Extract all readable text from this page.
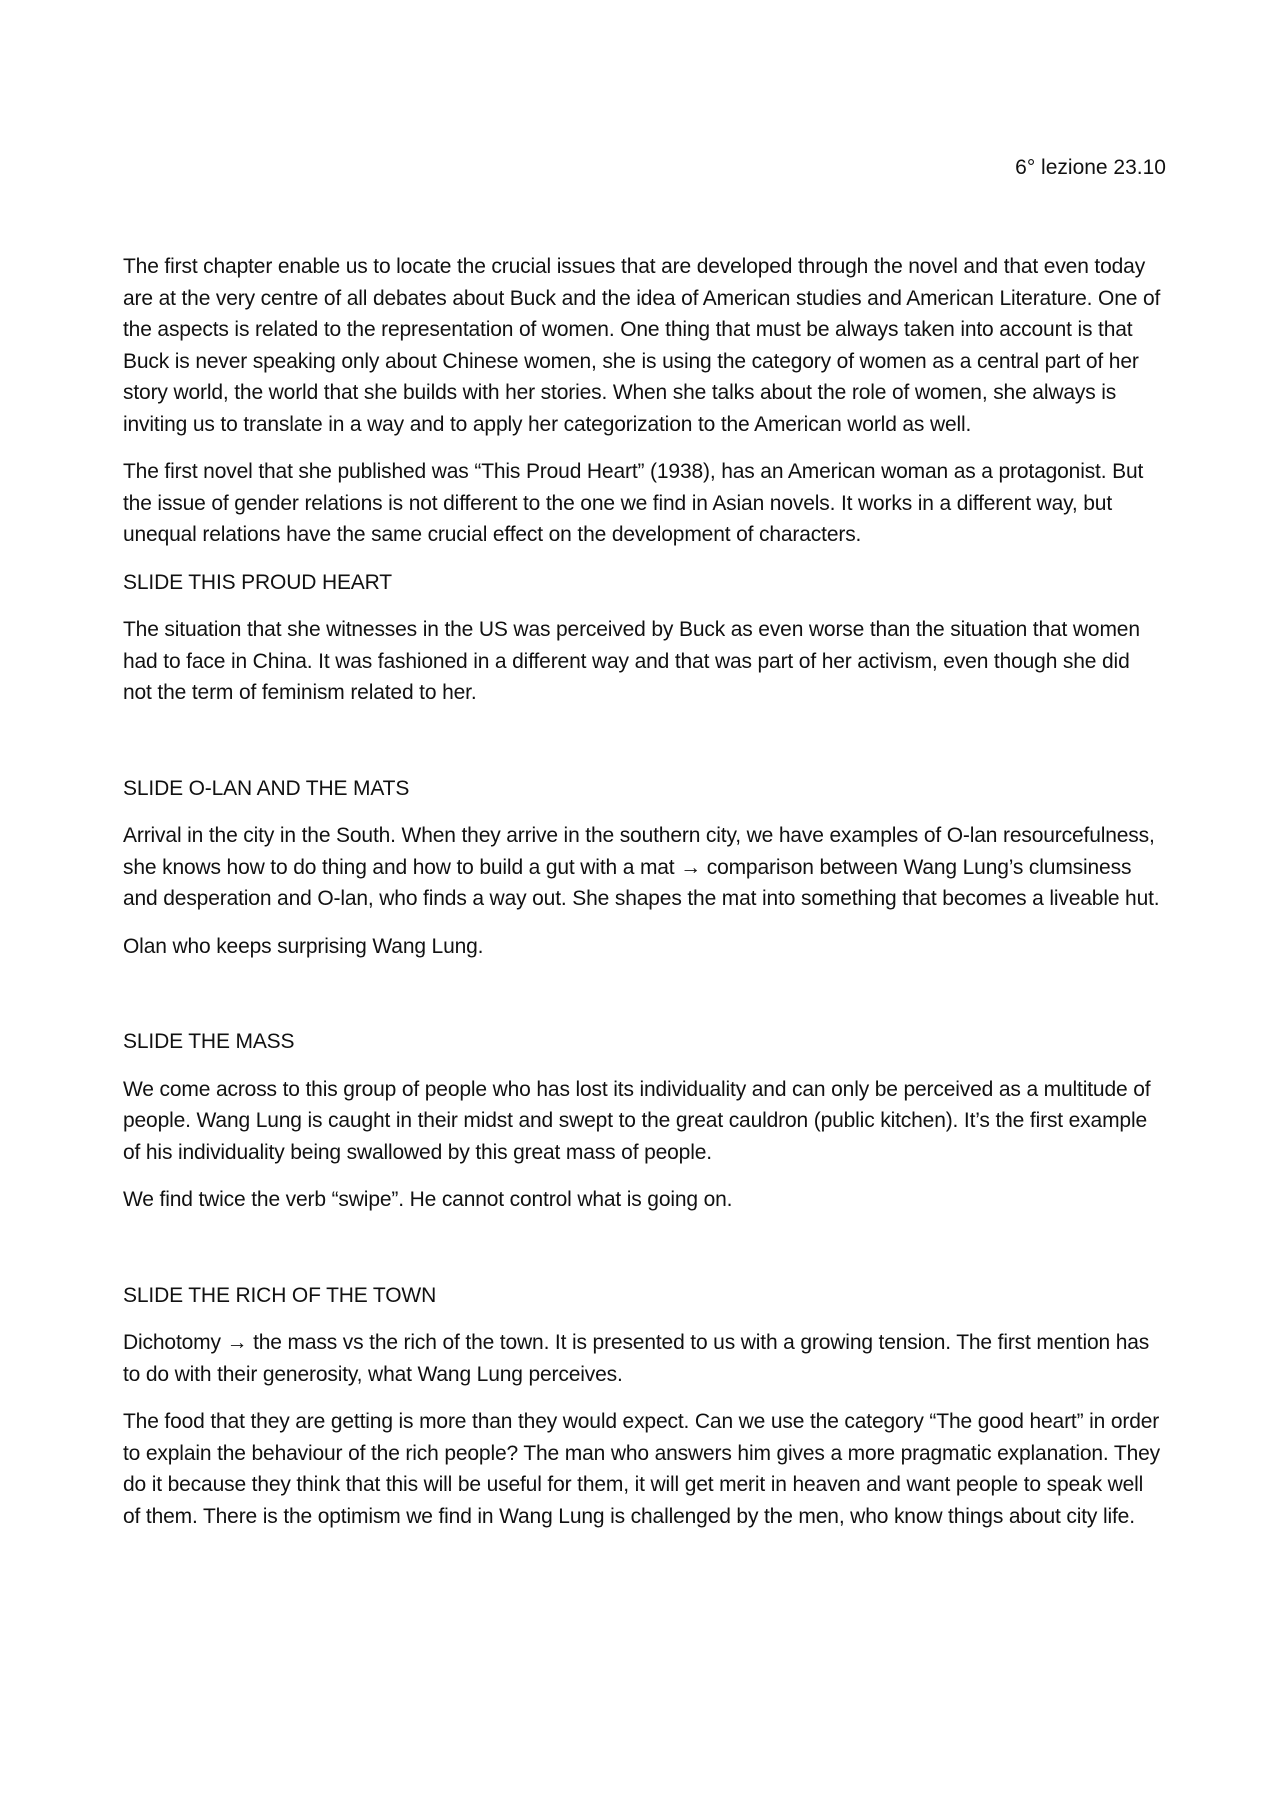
6° lezione 23.10

The first chapter enable us to locate the crucial issues that are developed through the novel and that even today are at the very centre of all debates about Buck and the idea of American studies and American Literature. One of the aspects is related to the representation of women. One thing that must be always taken into account is that Buck is never speaking only about Chinese women, she is using the category of women as a central part of her story world, the world that she builds with her stories. When she talks about the role of women, she always is inviting us to translate in a way and to apply her categorization to the American world as well.

The first novel that she published was “This Proud Heart” (1938), has an American woman as a protagonist. But the issue of gender relations is not different to the one we find in Asian novels. It works in a different way, but unequal relations have the same crucial effect on the development of characters.

SLIDE THIS PROUD HEART

The situation that she witnesses in the US was perceived by Buck as even worse than the situation that women had to face in China. It was fashioned in a different way and that was part of her activism, even though she did not the term of feminism related to her.

SLIDE O-LAN AND THE MATS

Arrival in the city in the South. When they arrive in the southern city, we have examples of O-lan resourcefulness, she knows how to do thing and how to build a gut with a mat → comparison between Wang Lung’s clumsiness and desperation and O-lan, who finds a way out. She shapes the mat into something that becomes a liveable hut.

Olan who keeps surprising Wang Lung.

SLIDE THE MASS

We come across to this group of people who has lost its individuality and can only be perceived as a multitude of people. Wang Lung is caught in their midst and swept to the great cauldron (public kitchen). It’s the first example of his individuality being swallowed by this great mass of people.

We find twice the verb “swipe”. He cannot control what is going on.

SLIDE THE RICH OF THE TOWN

Dichotomy → the mass vs the rich of the town. It is presented to us with a growing tension. The first mention has to do with their generosity, what Wang Lung perceives.

The food that they are getting is more than they would expect. Can we use the category “The good heart” in order to explain the behaviour of the rich people? The man who answers him gives a more pragmatic explanation. They do it because they think that this will be useful for them, it will get merit in heaven and want people to speak well of them. There is the optimism we find in Wang Lung is challenged by the men, who know things about city life.
